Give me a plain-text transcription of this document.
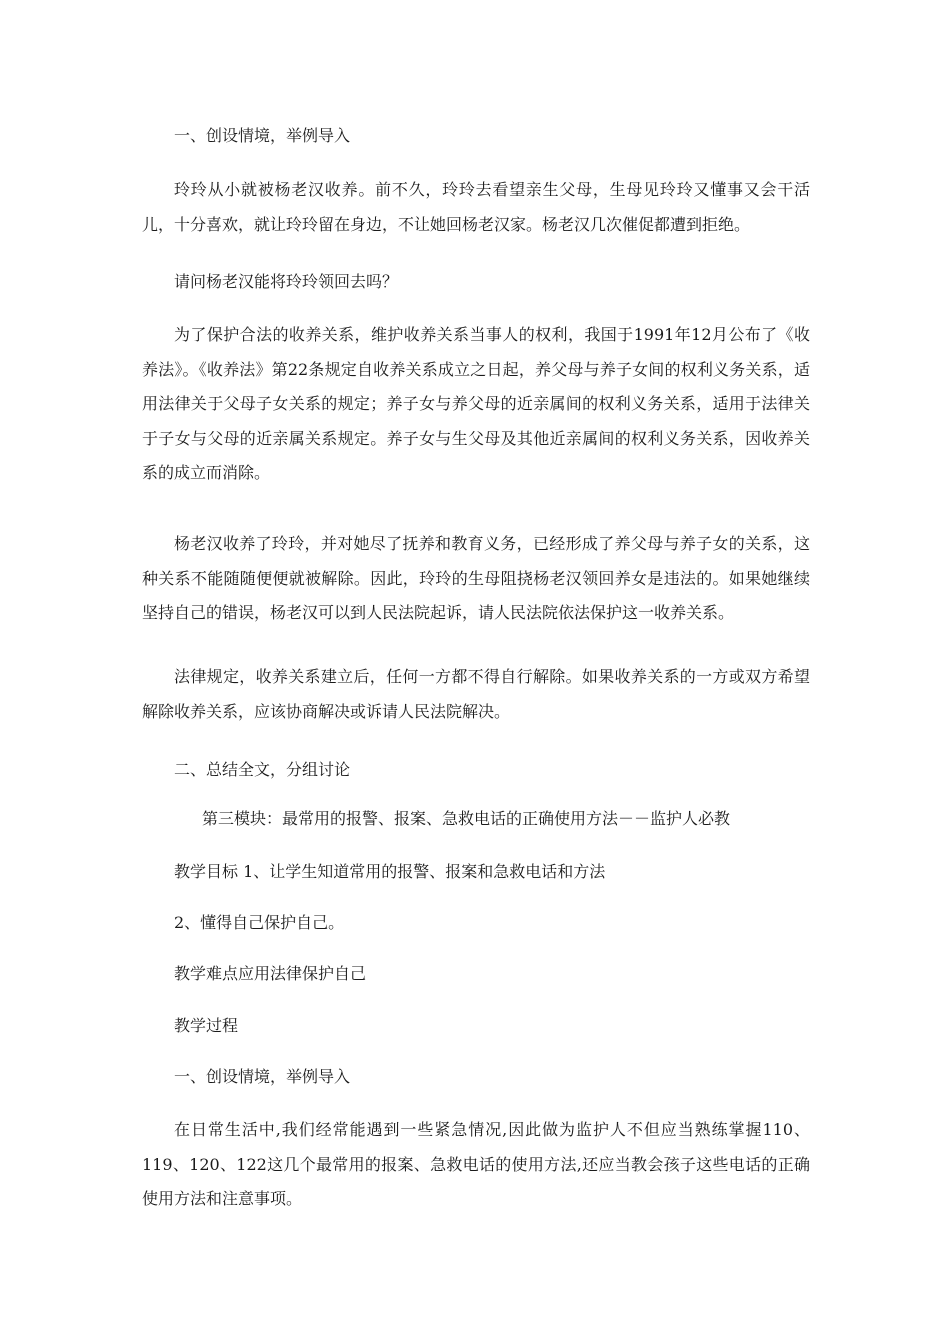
一、创设情境，举例导入

玲玲从小就被杨老汉收养。前不久，玲玲去看望亲生父母，生母见玲玲又懂事又会干活儿，十分喜欢，就让玲玲留在身边，不让她回杨老汉家。杨老汉几次催促都遭到拒绝。

请问杨老汉能将玲玲领回去吗？

为了保护合法的收养关系，维护收养关系当事人的权利，我国于1991年12月公布了《收养法》。《收养法》第22条规定自收养关系成立之日起，养父母与养子女间的权利义务关系，适用法律关于父母子女关系的规定；养子女与养父母的近亲属间的权利义务关系，适用于法律关于子女与父母的近亲属关系规定。养子女与生父母及其他近亲属间的权利义务关系，因收养关系的成立而消除。

杨老汉收养了玲玲，并对她尽了抚养和教育义务，已经形成了养父母与养子女的关系，这种关系不能随随便便就被解除。因此，玲玲的生母阻挠杨老汉领回养女是违法的。如果她继续坚持自己的错误，杨老汉可以到人民法院起诉，请人民法院依法保护这一收养关系。

法律规定，收养关系建立后，任何一方都不得自行解除。如果收养关系的一方或双方希望解除收养关系，应该协商解决或诉请人民法院解决。

二、总结全文，分组讨论

第三模块：最常用的报警、报案、急救电话的正确使用方法－－监护人必教

教学目标 1、让学生知道常用的报警、报案和急救电话和方法

2、懂得自己保护自己。

教学难点应用法律保护自己

教学过程

一、创设情境，举例导入

在日常生活中,我们经常能遇到一些紧急情况,因此做为监护人不但应当熟练掌握110、119、120、122这几个最常用的报案、急救电话的使用方法,还应当教会孩子这些电话的正确使用方法和注意事项。
